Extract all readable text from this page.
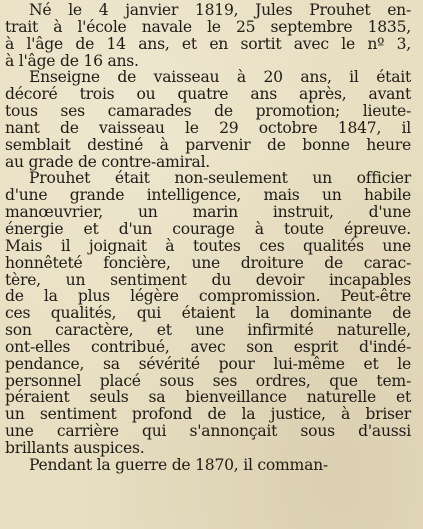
Né le 4 janvier 1819, Jules Prouhet en-
trait à l'école navale le 25 septembre 1835,
à l'âge de 14 ans, et en sortit avec le nº 3,
à l'âge de 16 ans.
Enseigne de vaisseau à 20 ans, il était
décoré trois ou quatre ans après, avant
tous ses camarades de promotion; lieute-
nant de vaisseau le 29 octobre 1847, il
semblait destiné à parvenir de bonne heure
au grade de contre-amiral.
Prouhet était non-seulement un officier
d'une grande intelligence, mais un habile
manœuvrier, un marin instruit, d'une
énergie et d'un courage à toute épreuve.
Mais il joignait à toutes ces qualités une
honnêteté foncière, une droiture de carac-
tère, un sentiment du devoir incapables
de la plus légère compromission. Peut-être
ces qualités, qui étaient la dominante de
son caractère, et une infirmité naturelle,
ont-elles contribué, avec son esprit d'indé-
pendance, sa sévérité pour lui-même et le
personnel placé sous ses ordres, que tem-
péraient seuls sa bienveillance naturelle et
un sentiment profond de la justice, à briser
une carrière qui s'annonçait sous d'aussi
brillants auspices.
Pendant la guerre de 1870, il comman-
